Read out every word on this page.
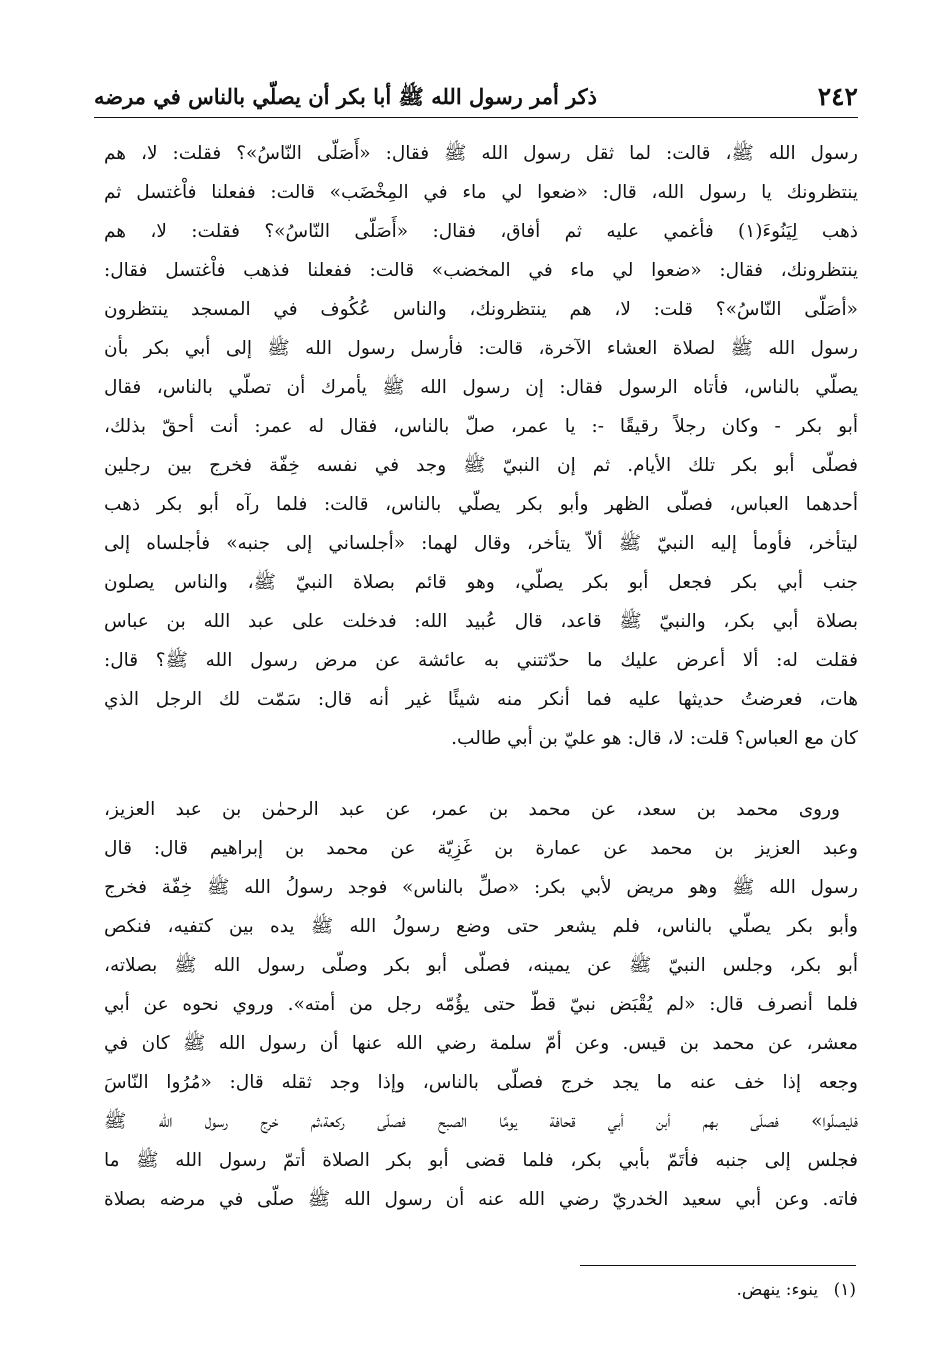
٢٤٢
ذكر أمر رسول الله ﷺ أبا بكر أن يصلّي بالناس في مرضه
رسول الله ﷺ، قالت: لما ثقل رسول الله ﷺ فقال: «أَصَلّى النّاسُ»؟ فقلت: لا، هم
ينتظرونك يا رسول الله، قال: «ضعوا لي ماء في المِخْضَب» قالت: ففعلنا فاْغتسل ثم
ذهب لِيَنُوءَ(١) فأغمي عليه ثم أفاق، فقال: «أَصَلّى النّاسُ»؟ فقلت: لا، هم
ينتظرونك، فقال: «ضعوا لي ماء في المخضب» قالت: ففعلنا فذهب فاْغتسل فقال:
«أصَلّى النّاسُ»؟ قلت: لا، هم ينتظرونك، والناس عُكُوف في المسجد ينتظرون
رسول الله ﷺ لصلاة العشاء الآخرة، قالت: فأرسل رسول الله ﷺ إلى أبي بكر بأن
يصلّي بالناس، فأتاه الرسول فقال: إن رسول الله ﷺ يأمرك أن تصلّي بالناس، فقال
أبو بكر - وكان رجلاً رقيقًا -: يا عمر، صلّ بالناس، فقال له عمر: أنت أحقّ بذلك،
فصلّى أبو بكر تلك الأيام. ثم إن النبيّ ﷺ وجد في نفسه خِفّة فخرج بين رجلين
أحدهما العباس، فصلّى الظهر وأبو بكر يصلّي بالناس، قالت: فلما رآه أبو بكر ذهب
ليتأخر، فأومأ إليه النبيّ ﷺ ألاّ يتأخر، وقال لهما: «أجلساني إلى جنبه» فأجلساه إلى
جنب أبي بكر فجعل أبو بكر يصلّي، وهو قائم بصلاة النبيّ ﷺ، والناس يصلون
بصلاة أبي بكر، والنبيّ ﷺ قاعد، قال عُبيد الله: فدخلت على عبد الله بن عباس
فقلت له: ألا أعرض عليك ما حدّثتني به عائشة عن مرض رسول الله ﷺ؟ قال:
هات، فعرضتُ حديثها عليه فما أنكر منه شيئًا غير أنه قال: سَمّت لك الرجل الذي
كان مع العباس؟ قلت: لا، قال: هو عليّ بن أبي طالب.
وروى محمد بن سعد، عن محمد بن عمر، عن عبد الرحمٰن بن عبد العزيز،
وعبد العزيز بن محمد عن عمارة بن غَزِيّة عن محمد بن إبراهيم قال: قال
رسول الله ﷺ وهو مريض لأبي بكر: «صلِّ بالناس» فوجد رسولُ الله ﷺ خِفّة فخرج
وأبو بكر يصلّي بالناس، فلم يشعر حتى وضع رسولُ الله ﷺ يده بين كتفيه، فنكص
أبو بكر، وجلس النبيّ ﷺ عن يمينه، فصلّى أبو بكر وصلّى رسول الله ﷺ بصلاته،
فلما أنصرف قال: «لم يُقْبَض نبيّ قطّ حتى يؤُمّه رجل من أمته». وروي نحوه عن أبي
معشر، عن محمد بن قيس. وعن أمّ سلمة رضي الله عنها أن رسول الله ﷺ كان في
وجعه إذا خف عنه ما يجد خرج فصلّى بالناس، وإذا وجد ثقله قال: «مُرُوا النّاسَ
فليصلّوا» فصلّى بهم أبن أبي قحافة يومًا الصبح فصلّى ركعة،ثم خرج رسول الله ﷺ
فجلس إلى جنبه فأتَمّ بأبي بكر، فلما قضى أبو بكر الصلاة أتمّ رسول الله ﷺ ما
فاته. وعن أبي سعيد الخدريّ رضي الله عنه أن رسول الله ﷺ صلّى في مرضه بصلاة
(١) ينوء: ينهض.
